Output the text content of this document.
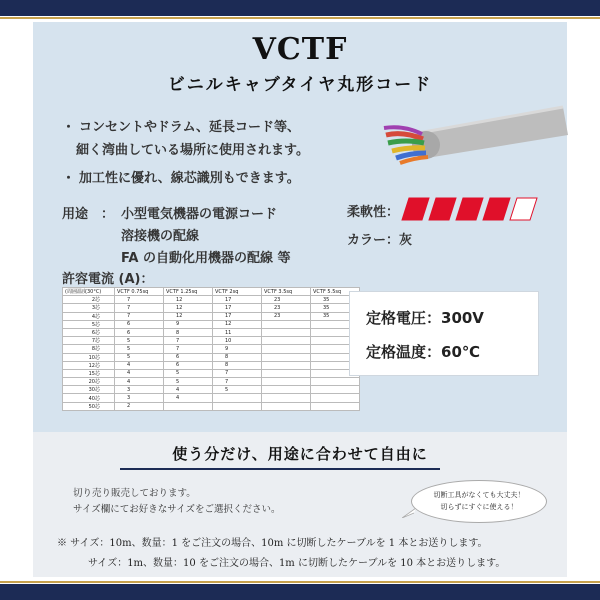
VCTF
ビニルキャブタイヤ丸形コード
・ コンセントやドラム、延長コード等、
細く湾曲している場所に使用されます。
・ 加工性に優れ、線芯識別もできます。
用途　： 小型電気機器の電源コード
溶接機の配線
FA の自動化用機器の配線 等
柔軟性：
カラー：灰
許容電流 (A)：
(周囲温度30°C)	VCTF 0.75sq	VCTF 1.25sq	VCTF 2sq	VCTF 3.5sq	VCTF 5.5sq
2芯	7	12	17	23	35
3芯	7	12	17	23	35
4芯	7	12	17	23	35
5芯	6	9	12		
6芯	6	8	11		
7芯	5	7	10		
8芯	5	7	9		
10芯	5	6	8		
12芯	4	6	8		
15芯	4	5	7		
20芯	4	5	7		
30芯	3	4	5		
40芯	3	4			
50芯	2				
定格電圧：300V
定格温度：60℃
使う分だけ、用途に合わせて自由に
切り売り販売しております。
サイズ欄にてお好きなサイズをご選択ください。
切断工具がなくても大丈夫！
切らずにすぐに使える！
※ サイズ：10m、数量：1 をご注文の場合、10m に切断したケーブルを 1 本とお送りします。
サイズ：1m、数量：10 をご注文の場合、1m に切断したケーブルを 10 本とお送りします。
